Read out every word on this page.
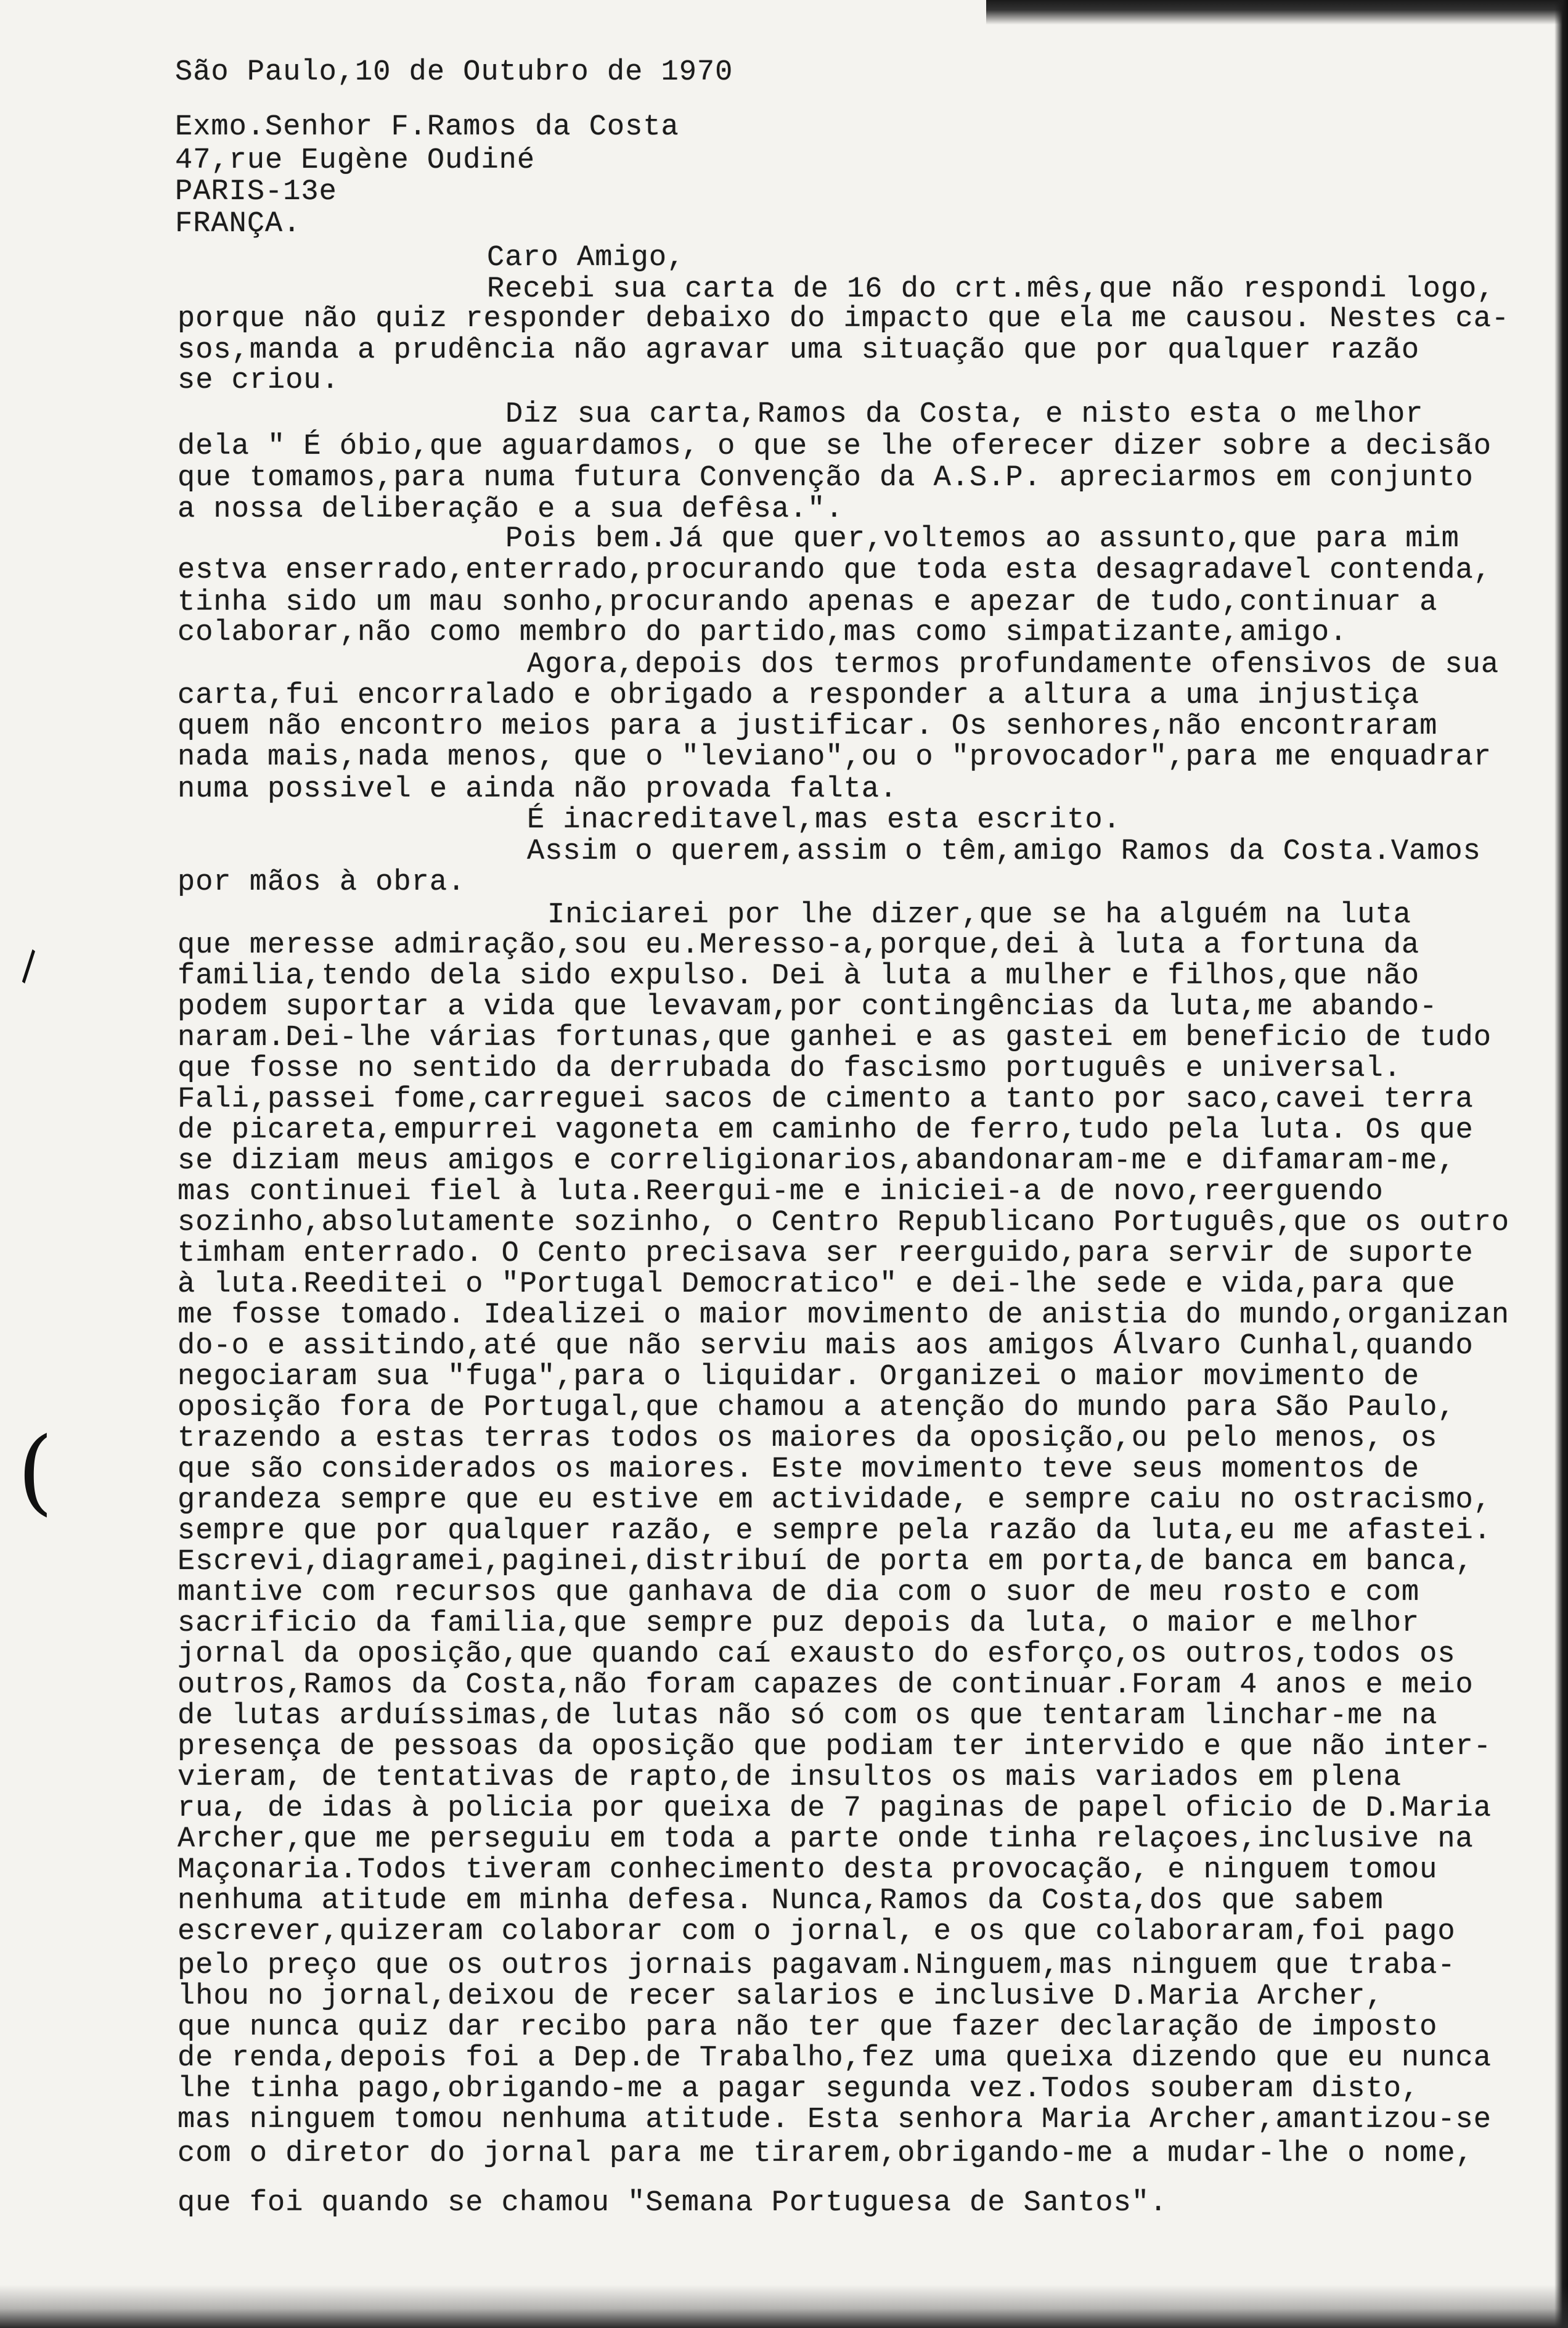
\
(
São Paulo,10 de Outubro de 1970
Exmo.Senhor F.Ramos da Costa
47,rue Eugène Oudiné
PARIS-13e
FRANÇA.
Caro Amigo,
Recebi sua carta de 16 do crt.mês,que não respondi logo,
porque não quiz responder debaixo do impacto que ela me causou. Nestes ca-
sos,manda a prudência não agravar uma situação que por qualquer razão
se criou.
Diz sua carta,Ramos da Costa, e nisto esta o melhor
dela " É óbio,que aguardamos, o que se lhe oferecer dizer sobre a decisão
que tomamos,para numa futura Convenção da A.S.P. apreciarmos em conjunto
a nossa deliberação e a sua defêsa.".
Pois bem.Já que quer,voltemos ao assunto,que para mim
estva enserrado,enterrado,procurando que toda esta desagradavel contenda,
tinha sido um mau sonho,procurando apenas e apezar de tudo,continuar a
colaborar,não como membro do partido,mas como simpatizante,amigo.
Agora,depois dos termos profundamente ofensivos de sua
carta,fui encorralado e obrigado a responder a altura a uma injustiça
quem não encontro meios para a justificar. Os senhores,não encontraram
nada mais,nada menos, que o "leviano",ou o "provocador",para me enquadrar
numa possivel e ainda não provada falta.
É inacreditavel,mas esta escrito.
Assim o querem,assim o têm,amigo Ramos da Costa.Vamos
por mãos à obra.
Iniciarei por lhe dizer,que se ha alguém na luta
que meresse admiração,sou eu.Meresso-a,porque,dei à luta a fortuna da
familia,tendo dela sido expulso. Dei à luta a mulher e filhos,que não
podem suportar a vida que levavam,por contingências da luta,me abando-
naram.Dei-lhe várias fortunas,que ganhei e as gastei em beneficio de tudo
que fosse no sentido da derrubada do fascismo português e universal.
Fali,passei fome,carreguei sacos de cimento a tanto por saco,cavei terra
de picareta,empurrei vagoneta em caminho de ferro,tudo pela luta. Os que
se diziam meus amigos e correligionarios,abandonaram-me e difamaram-me,
mas continuei fiel à luta.Reergui-me e iniciei-a de novo,reerguendo
sozinho,absolutamente sozinho, o Centro Republicano Português,que os outro
timham enterrado. O Cento precisava ser reerguido,para servir de suporte
à luta.Reeditei o "Portugal Democratico" e dei-lhe sede e vida,para que
me fosse tomado. Idealizei o maior movimento de anistia do mundo,organizan
do-o e assitindo,até que não serviu mais aos amigos Álvaro Cunhal,quando
negociaram sua "fuga",para o liquidar. Organizei o maior movimento de
oposição fora de Portugal,que chamou a atenção do mundo para São Paulo,
trazendo a estas terras todos os maiores da oposição,ou pelo menos, os
que são considerados os maiores. Este movimento teve seus momentos de
grandeza sempre que eu estive em actividade, e sempre caiu no ostracismo,
sempre que por qualquer razão, e sempre pela razão da luta,eu me afastei.
Escrevi,diagramei,paginei,distribuí de porta em porta,de banca em banca,
mantive com recursos que ganhava de dia com o suor de meu rosto e com
sacrificio da familia,que sempre puz depois da luta, o maior e melhor
jornal da oposição,que quando caí exausto do esforço,os outros,todos os
outros,Ramos da Costa,não foram capazes de continuar.Foram 4 anos e meio
de lutas arduíssimas,de lutas não só com os que tentaram linchar-me na
presença de pessoas da oposição que podiam ter intervido e que não inter-
vieram, de tentativas de rapto,de insultos os mais variados em plena
rua, de idas à policia por queixa de 7 paginas de papel oficio de D.Maria
Archer,que me perseguiu em toda a parte onde tinha relaçoes,inclusive na
Maçonaria.Todos tiveram conhecimento desta provocação, e ninguem tomou
nenhuma atitude em minha defesa. Nunca,Ramos da Costa,dos que sabem
escrever,quizeram colaborar com o jornal, e os que colaboraram,foi pago
pelo preço que os outros jornais pagavam.Ninguem,mas ninguem que traba-
lhou no jornal,deixou de recer salarios e inclusive D.Maria Archer,
que nunca quiz dar recibo para não ter que fazer declaração de imposto
de renda,depois foi a Dep.de Trabalho,fez uma queixa dizendo que eu nunca
lhe tinha pago,obrigando-me a pagar segunda vez.Todos souberam disto,
mas ninguem tomou nenhuma atitude. Esta senhora Maria Archer,amantizou-se
com o diretor do jornal para me tirarem,obrigando-me a mudar-lhe o nome,
que foi quando se chamou "Semana Portuguesa de Santos".
